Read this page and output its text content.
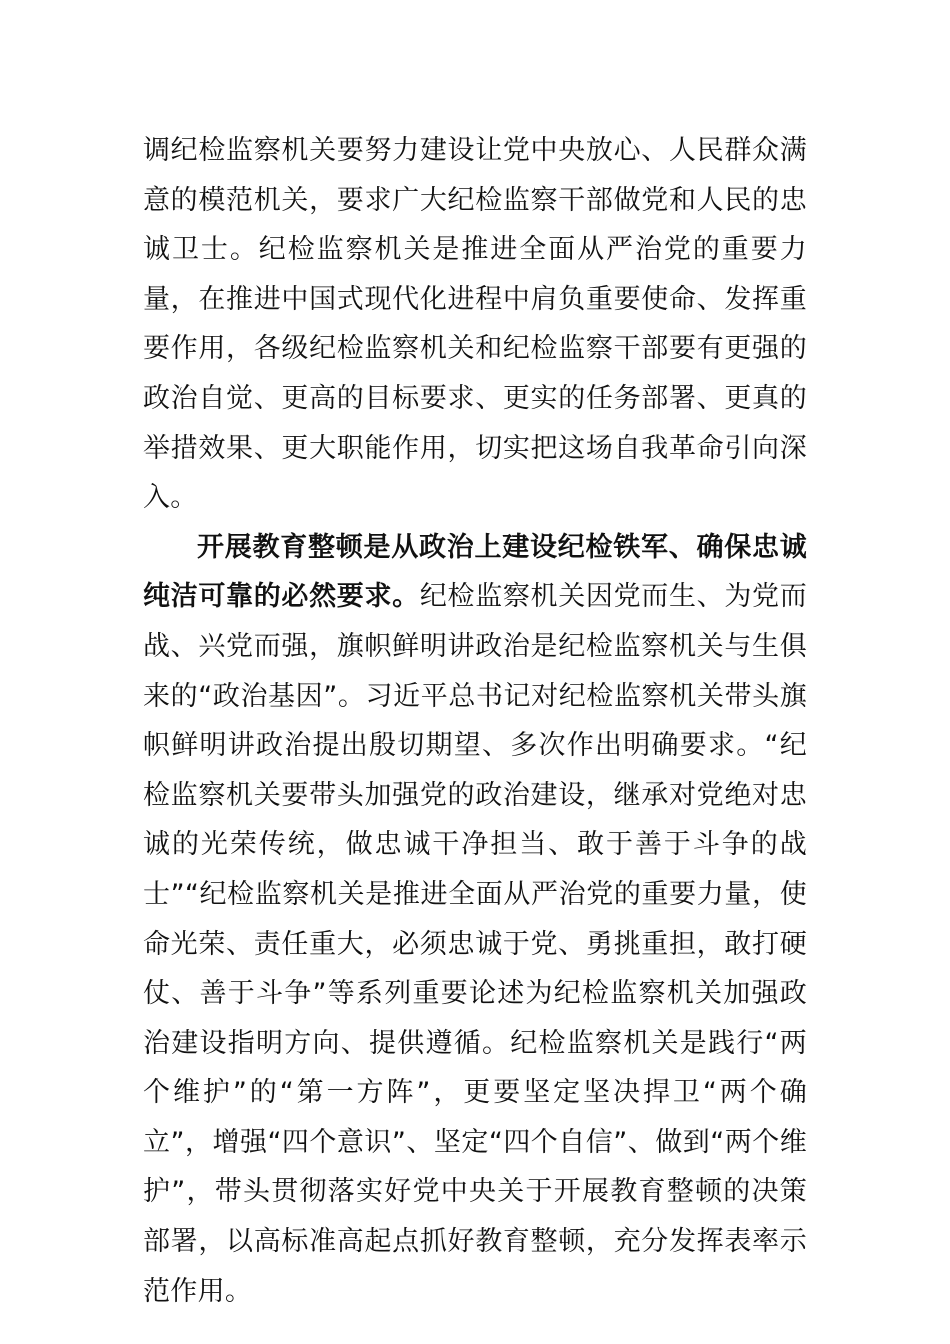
调纪检监察机关要努力建设让党中央放心、人民群众满意的模范机关，要求广大纪检监察干部做党和人民的忠诚卫士。纪检监察机关是推进全面从严治党的重要力量，在推进中国式现代化进程中肩负重要使命、发挥重要作用，各级纪检监察机关和纪检监察干部要有更强的政治自觉、更高的目标要求、更实的任务部署、更真的举措效果、更大职能作用，切实把这场自我革命引向深入。

开展教育整顿是从政治上建设纪检铁军、确保忠诚纯洁可靠的必然要求。纪检监察机关因党而生、为党而战、兴党而强，旗帜鲜明讲政治是纪检监察机关与生俱来的“政治基因”。习近平总书记对纪检监察机关带头旗帜鲜明讲政治提出殷切期望、多次作出明确要求。“纪检监察机关要带头加强党的政治建设，继承对党绝对忠诚的光荣传统，做忠诚干净担当、敢于善于斗争的战士”“纪检监察机关是推进全面从严治党的重要力量，使命光荣、责任重大，必须忠诚于党、勇挑重担，敢打硬仗、善于斗争”等系列重要论述为纪检监察机关加强政治建设指明方向、提供遵循。纪检监察机关是践行“两个维护”的“第一方阵”，更要坚定坚决捍卫“两个确立”，增强“四个意识”、坚定“四个自信”、做到“两个维护”，带头贯彻落实好党中央关于开展教育整顿的决策部署，以高标准高起点抓好教育整顿，充分发挥表率示范作用。
